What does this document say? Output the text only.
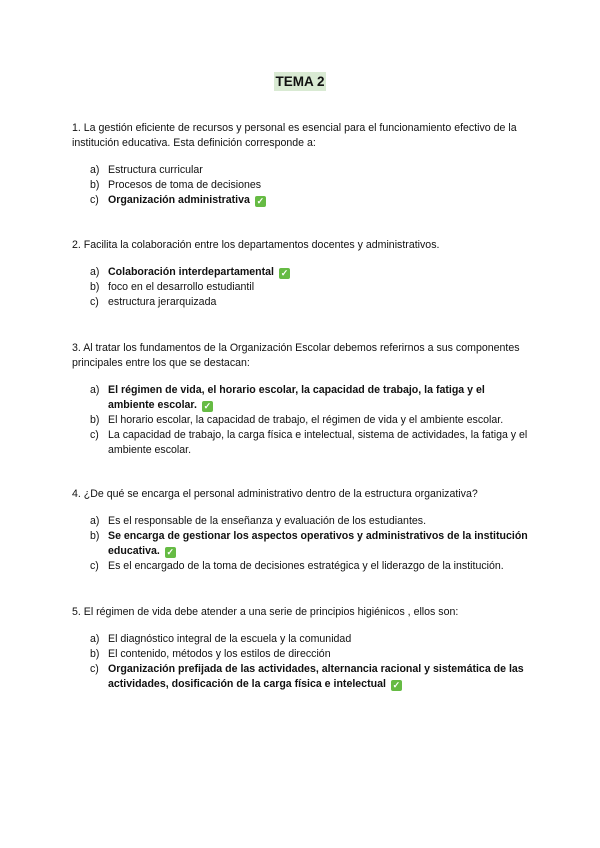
TEMA 2

1. La gestión eficiente de recursos y personal es esencial para el funcionamiento efectivo de la institución educativa. Esta definición corresponde a:

a) Estructura curricular
b) Procesos de toma de decisiones
c) Organización administrativa ✓

2. Facilita la colaboración entre los departamentos docentes y administrativos.

a) Colaboración interdepartamental ✓
b) foco en el desarrollo estudiantil
c) estructura jerarquizada

3. Al tratar los fundamentos de la Organización Escolar debemos referirnos a sus componentes principales entre los que se destacan:

a) El régimen de vida, el horario escolar, la capacidad de trabajo, la fatiga y el ambiente escolar. ✓
b) El horario escolar, la capacidad de trabajo, el régimen de vida y el ambiente escolar.
c) La capacidad de trabajo, la carga física e intelectual, sistema de actividades, la fatiga y el ambiente escolar.

4. ¿De qué se encarga el personal administrativo dentro de la estructura organizativa?

a) Es el responsable de la enseñanza y evaluación de los estudiantes.
b) Se encarga de gestionar los aspectos operativos y administrativos de la institución educativa. ✓
c) Es el encargado de la toma de decisiones estratégica y el liderazgo de la institución.

5. El régimen de vida debe atender a una serie de principios higiénicos , ellos son:

a) El diagnóstico integral de la escuela y la comunidad
b) El contenido, métodos y los estilos de dirección
c) Organización prefijada de las actividades, alternancia racional y sistemática de las actividades, dosificación de la carga física e intelectual ✓
